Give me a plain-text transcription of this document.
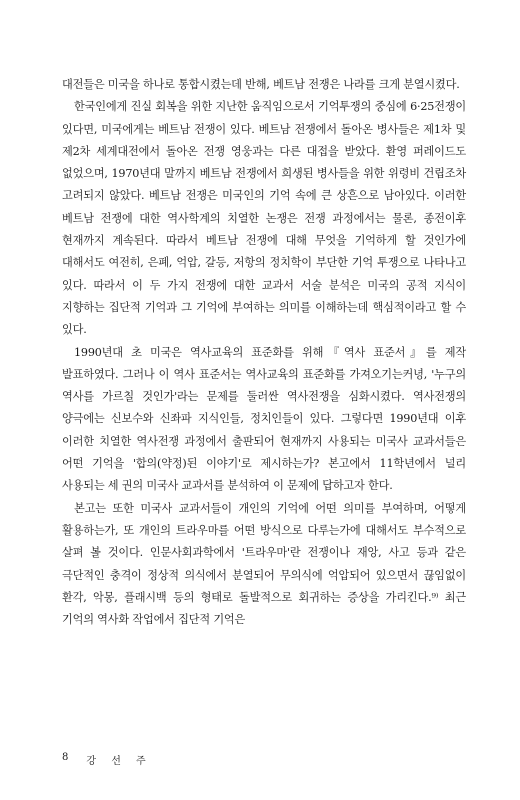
대전들은 미국을 하나로 통합시켰는데 반해, 베트남 전쟁은 나라를 크게 분열시켰다.

한국인에게 진실 회복을 위한 지난한 움직임으로서 기억투쟁의 중심에 6·25전쟁이 있다면, 미국에게는 베트남 전쟁이 있다. 베트남 전쟁에서 돌아온 병사들은 제1차 및 제2차 세계대전에서 돌아온 전쟁 영웅과는 다른 대접을 받았다. 환영 퍼레이드도 없었으며, 1970년대 말까지 베트남 전쟁에서 희생된 병사들을 위한 위령비 건립조차 고려되지 않았다. 베트남 전쟁은 미국인의 기억 속에 큰 상흔으로 남아있다. 이러한 베트남 전쟁에 대한 역사학계의 치열한 논쟁은 전쟁 과정에서는 물론, 종전이후 현재까지 계속된다. 따라서 베트남 전쟁에 대해 무엇을 기억하게 할 것인가에 대해서도 여전히, 은폐, 억압, 갈등, 저항의 정치학이 부단한 기억 투쟁으로 나타나고 있다. 따라서 이 두 가지 전쟁에 대한 교과서 서술 분석은 미국의 공적 지식이 지향하는 집단적 기억과 그 기억에 부여하는 의미를 이해하는데 핵심적이라고 할 수 있다.

1990년대 초 미국은 역사교육의 표준화를 위해『역사 표준서』를 제작 발표하였다. 그러나 이 역사 표준서는 역사교육의 표준화를 가져오기는커녕, '누구의 역사를 가르칠 것인가'라는 문제를 둘러싼 역사전쟁을 심화시켰다. 역사전쟁의 양극에는 신보수와 신좌파 지식인들, 정치인들이 있다. 그렇다면 1990년대 이후 이러한 치열한 역사전쟁 과정에서 출판되어 현재까지 사용되는 미국사 교과서들은 어떤 기억을 '합의(약정)된 이야기'로 제시하는가? 본고에서 11학년에서 널리 사용되는 세 권의 미국사 교과서를 분석하여 이 문제에 답하고자 한다.

본고는 또한 미국사 교과서들이 개인의 기억에 어떤 의미를 부여하며, 어떻게 활용하는가, 또 개인의 트라우마를 어떤 방식으로 다루는가에 대해서도 부수적으로 살펴 볼 것이다. 인문사회과학에서 '트라우마'란 전쟁이나 재앙, 사고 등과 같은 극단적인 충격이 정상적 의식에서 분열되어 무의식에 억압되어 있으면서 끊임없이 환각, 악몽, 플래시백 등의 형태로 돌발적으로 회귀하는 증상을 가리킨다.⁹⁾ 최근 기억의 역사화 작업에서 집단적 기억은

8 강 선 주
